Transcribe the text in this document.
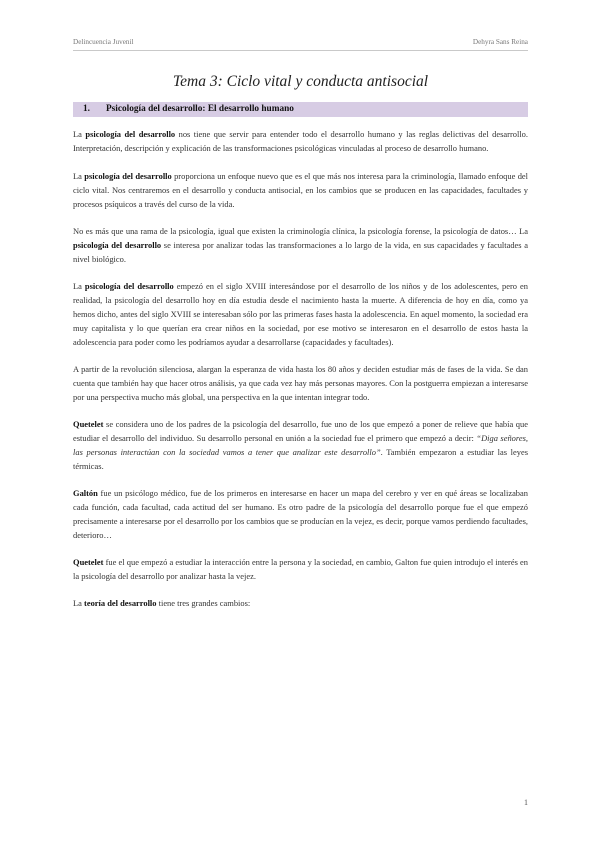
Delincuencia Juvenil	Dehyra Sans Reina
Tema 3: Ciclo vital y conducta antisocial
1. Psicología del desarrollo: El desarrollo humano

La psicología del desarrollo nos tiene que servir para entender todo el desarrollo humano y las reglas delictivas del desarrollo. Interpretación, descripción y explicación de las transformaciones psicológicas vinculadas al proceso de desarrollo humano.

La psicología del desarrollo proporciona un enfoque nuevo que es el que más nos interesa para la criminología, llamado enfoque del ciclo vital. Nos centraremos en el desarrollo y conducta antisocial, en los cambios que se producen en las capacidades, facultades y procesos psíquicos a través del curso de la vida.

No es más que una rama de la psicología, igual que existen la criminología clínica, la psicología forense, la psicología de datos… La psicología del desarrollo se interesa por analizar todas las transformaciones a lo largo de la vida, en sus capacidades y facultades a nivel biológico.

La psicología del desarrollo empezó en el siglo XVIII interesándose por el desarrollo de los niños y de los adolescentes, pero en realidad, la psicología del desarrollo hoy en día estudia desde el nacimiento hasta la muerte. A diferencia de hoy en día, como ya hemos dicho, antes del siglo XVIII se interesaban sólo por las primeras fases hasta la adolescencia. En aquel momento, la sociedad era muy capitalista y lo que querían era crear niños en la sociedad, por ese motivo se interesaron en el desarrollo de estos hasta la adolescencia para poder como les podríamos ayudar a desarrollarse (capacidades y facultades).

A partir de la revolución silenciosa, alargan la esperanza de vida hasta los 80 años y deciden estudiar más de fases de la vida. Se dan cuenta que también hay que hacer otros análisis, ya que cada vez hay más personas mayores. Con la postguerra empiezan a interesarse por una perspectiva mucho más global, una perspectiva en la que intentan integrar todo.

Quetelet se considera uno de los padres de la psicología del desarrollo, fue uno de los que empezó a poner de relieve que había que estudiar el desarrollo del individuo. Su desarrollo personal en unión a la sociedad fue el primero que empezó a decir: “Diga señores, las personas interactúan con la sociedad vamos a tener que analizar este desarrollo”. También empezaron a estudiar las leyes térmicas.

Galtón fue un psicólogo médico, fue de los primeros en interesarse en hacer un mapa del cerebro y ver en qué áreas se localizaban cada función, cada facultad, cada actitud del ser humano. Es otro padre de la psicología del desarrollo porque fue el que empezó precisamente a interesarse por el desarrollo por los cambios que se producían en la vejez, es decir, porque vamos perdiendo facultades, deterioro…

Quetelet fue el que empezó a estudiar la interacción entre la persona y la sociedad, en cambio, Galton fue quien introdujo el interés en la psicología del desarrollo por analizar hasta la vejez.

La teoría del desarrollo tiene tres grandes cambios:

1
